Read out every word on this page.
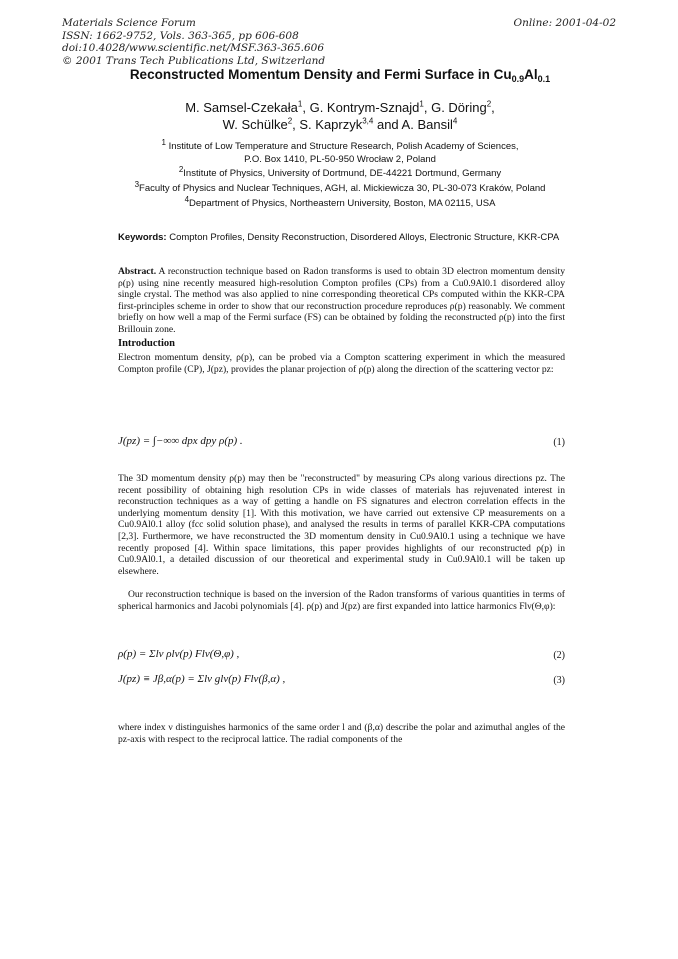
Materials Science Forum
ISSN: 1662-9752, Vols. 363-365, pp 606-608
doi:10.4028/www.scientific.net/MSF.363-365.606
© 2001 Trans Tech Publications Ltd, Switzerland
Online: 2001-04-02
Reconstructed Momentum Density and Fermi Surface in $Cu_{0.9}Al_{0.1}$
M. Samsel-Czekała$^1$, G. Kontrym-Sznajd$^1$, G. Döring$^2$,
W. Schülke$^2$, S. Kaprzyk$^{3,4}$ and A. Bansil$^4$
$^1$ Institute of Low Temperature and Structure Research, Polish Academy of Sciences,
P.O. Box 1410, PL-50-950 Wrocław 2, Poland
$^2$Institute of Physics, University of Dortmund, DE-44221 Dortmund, Germany
$^3$Faculty of Physics and Nuclear Techniques, AGH, al. Mickiewicza 30, PL-30-073 Kraków, Poland
$^4$Department of Physics, Northeastern University, Boston, MA 02115, USA
Keywords: Compton Profiles, Density Reconstruction, Disordered Alloys, Electronic Structure, KKR-CPA
Abstract. A reconstruction technique based on Radon transforms is used to obtain 3D electron momentum density ρ(p) using nine recently measured high-resolution Compton profiles (CPs) from a Cu0.9Al0.1 disordered alloy single crystal. The method was also applied to nine corresponding theoretical CPs computed within the KKR-CPA first-principles scheme in order to show that our reconstruction procedure reproduces ρ(p) reasonably. We comment briefly on how well a map of the Fermi surface (FS) can be obtained by folding the reconstructed ρ(p) into the first Brillouin zone.
Introduction
Electron momentum density, ρ(p), can be probed via a Compton scattering experiment in which the measured Compton profile (CP), J(pz), provides the planar projection of ρ(p) along the direction of the scattering vector pz:
J(pz) = ∫−∞∞ dpx dpy ρ(p) .	(1)
The 3D momentum density ρ(p) may then be "reconstructed" by measuring CPs along various directions pz. The recent possibility of obtaining high resolution CPs in wide classes of materials has rejuvenated interest in reconstruction techniques as a way of getting a handle on FS signatures and electron correlation effects in the underlying momentum density [1]. With this motivation, we have carried out extensive CP measurements on a Cu0.9Al0.1 alloy (fcc solid solution phase), and analysed the results in terms of parallel KKR-CPA computations [2,3]. Furthermore, we have reconstructed the 3D momentum density in Cu0.9Al0.1 using a technique we have recently proposed [4]. Within space limitations, this paper provides highlights of our reconstructed ρ(p) in Cu0.9Al0.1, a detailed discussion of our theoretical and experimental study in Cu0.9Al0.1 will be taken up elsewhere.
Our reconstruction technique is based on the inversion of the Radon transforms of various quantities in terms of spherical harmonics and Jacobi polynomials [4]. ρ(p) and J(pz) are first expanded into lattice harmonics Flν(Θ,φ):
ρ(p) = Σlν ρlν(p) Flν(Θ,φ) ,	(2)
J(pz) ≡ Jβ,α(p) = Σlν glν(p) Flν(β,α) ,	(3)
where index ν distinguishes harmonics of the same order l and (β,α) describe the polar and azimuthal angles of the pz-axis with respect to the reciprocal lattice. The radial components of the
